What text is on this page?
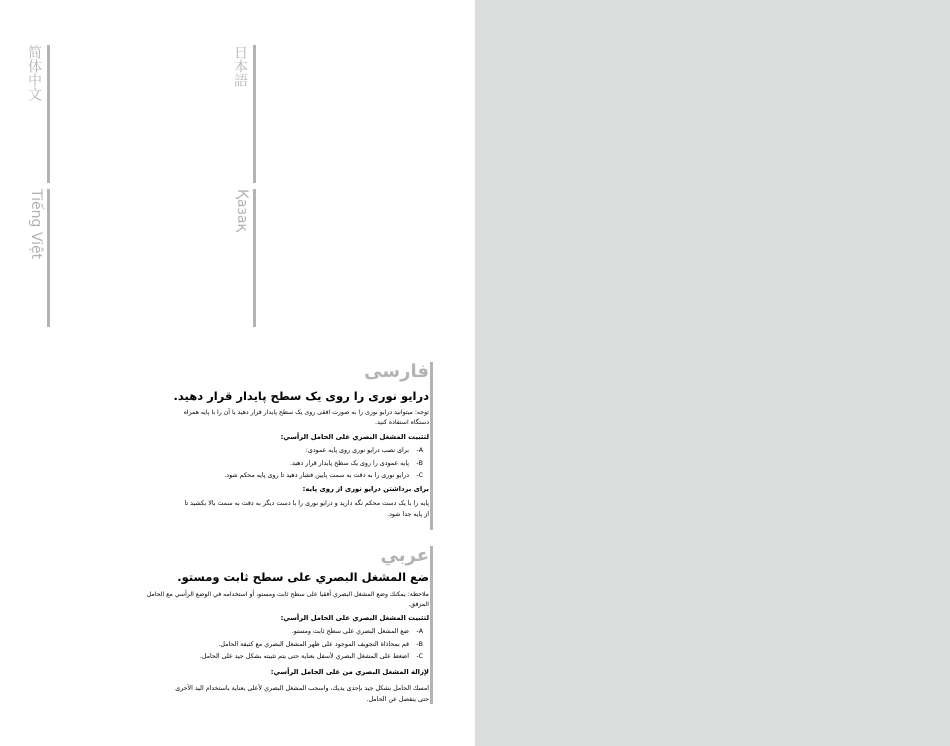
简体中文	日本語
Tiếng Việt	Қазақ

فارسی

درایو نوری را روی یک سطح پایدار قرار دهید.

توجه: میتوانید درایو نوری را به صورت افقی روی یک سطح پایدار قرار دهید یا آن را با پایه همراه

دستگاه استفاده کنید.

لتثبيت المشغل البصري على الحامل الرأسي:

A-برای نصب درایو نوری روی پایه عمودی:

B-پایه عمودی را روی یک سطح پایدار قرار دهید.

C-درایو نوری را به دقت به سمت پایین فشار دهید تا روی پایه محکم شود.

برای برداشتن درایو نوری از روی پایه:

پایه را با یک دست محکم نگه دارید و درایو نوری را با دست دیگر به دقت به سمت بالا بکشید تا

از پایه جدا شود.

عربي

ضع المشغل البصري على سطح ثابت ومستو.

ملاحظة: يمكنك وضع المشغل البصري أفقيا على سطح ثابت ومستو، أو استخدامه في الوضع الرأسي مع الحامل المرفق.

لتثبيت المشغل البصري على الحامل الرأسي:

A-ضع المشغل البصري على سطح ثابت ومستو.

B-قم بمحاذاة التجويف الموجود على ظهر المشغل البصري مع كتيفة الحامل.

C-اضغط على المشغل البصري لأسفل بعناية حتى يتم تثبيته بشكل جيد على الحامل.

لإزالة المشغل البصري من على الحامل الرأسي:

امسك الحامل بشكل جيد بإحدى يديك، واسحب المشغل البصري لأعلى بعناية باستخدام اليد الأخرى

حتى ينفصل عن الحامل.
